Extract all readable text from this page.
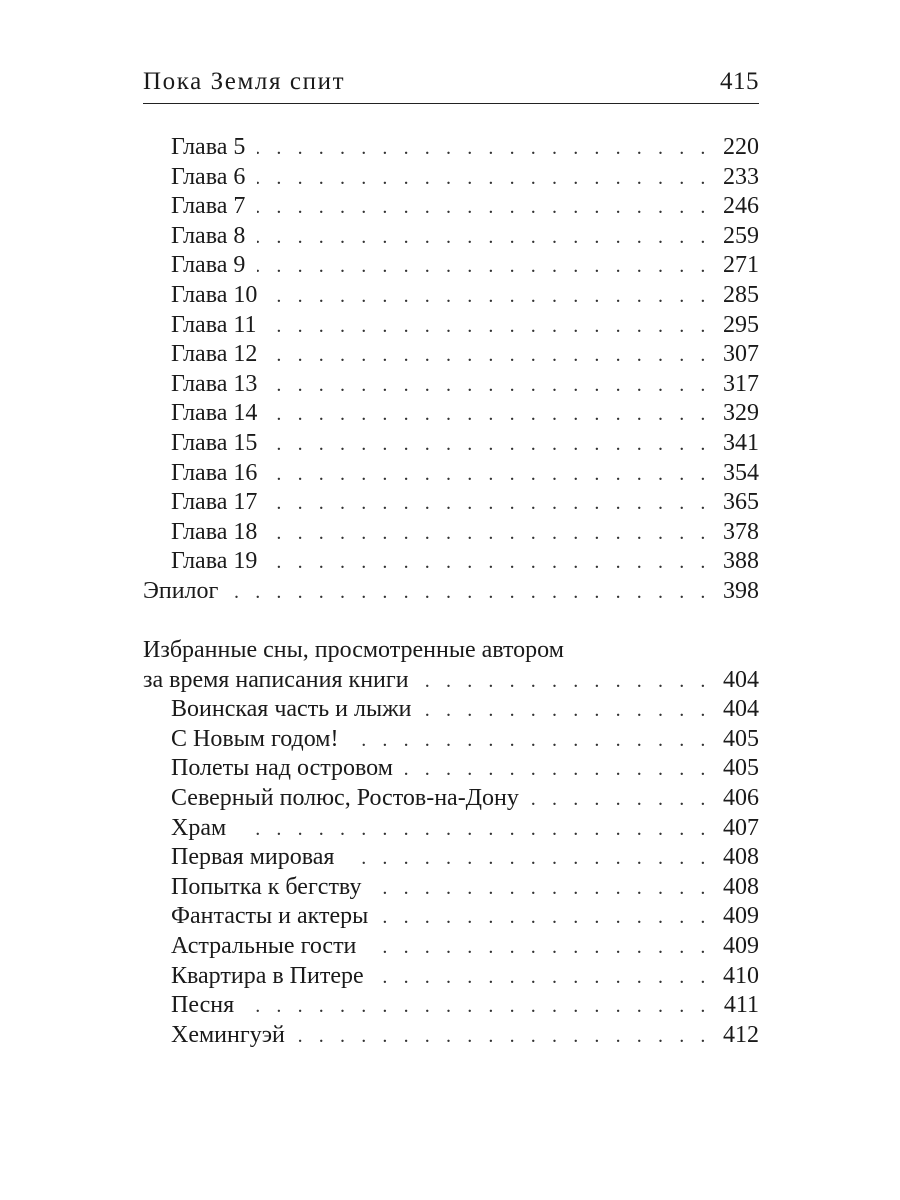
Пока Земля спит	415
Глава 5 . . .	220
Глава 6 . . .	233
Глава 7 . . .	246
Глава 8 . . .	259
Глава 9 . . .	271
Глава 10 . . .	285
Глава 11 . . .	295
Глава 12 . . .	307
Глава 13 . . .	317
Глава 14 . . .	329
Глава 15 . . .	341
Глава 16 . . .	354
Глава 17 . . .	365
Глава 18 . . .	378
Глава 19 . . .	388
Эпилог . . .	398
Избранные сны, просмотренные автором
за время написания книги . . .	404
Воинская часть и лыжи . . .	404
С Новым годом! . . .	405
Полеты над островом . . .	405
Северный полюс, Ростов-на-Дону . . .	406
Храм . . .	407
Первая мировая . . .	408
Попытка к бегству . . .	408
Фантасты и актеры . . .	409
Астральные гости . . .	409
Квартира в Питере . . .	410
Песня . . .	411
Хемингуэй . . .	412
